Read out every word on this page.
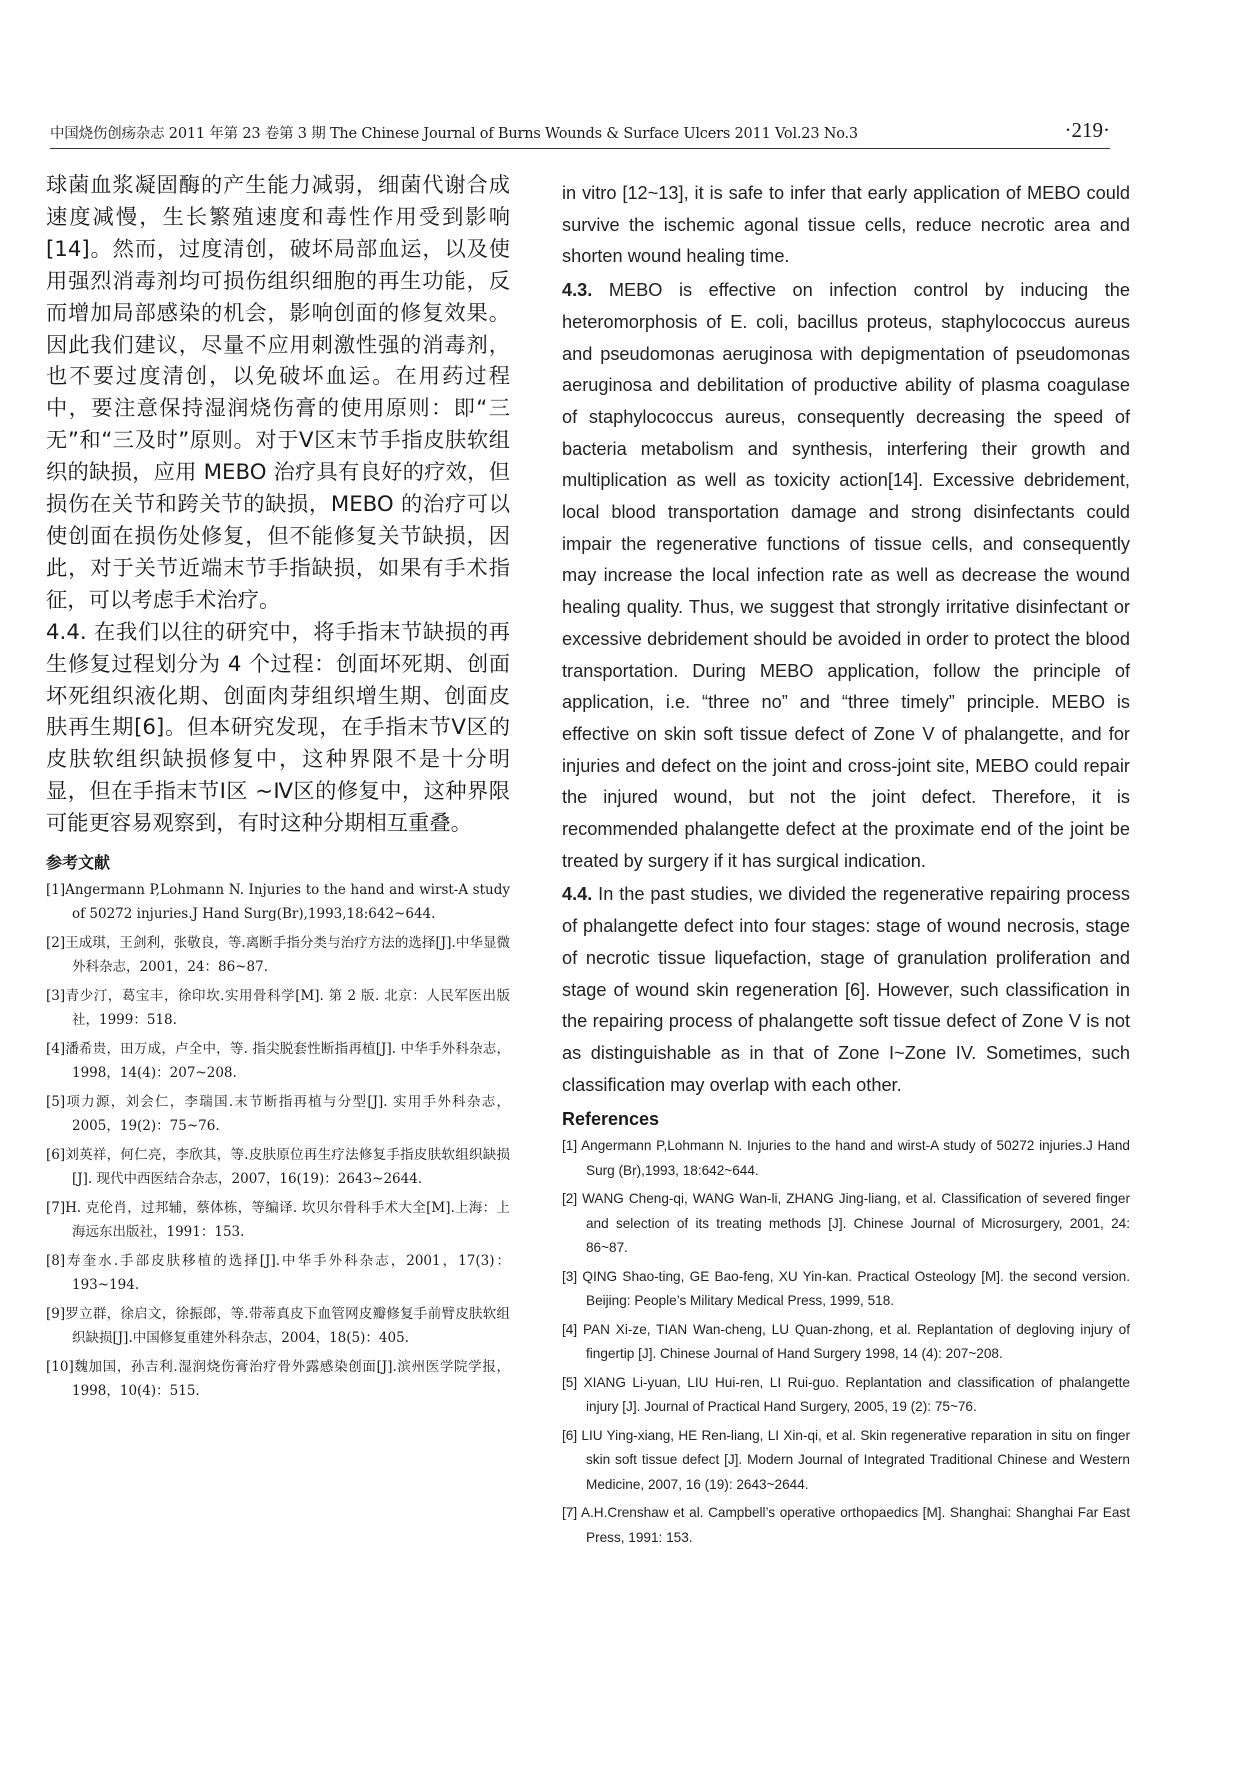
中国烧伤创疡杂志 2011 年第 23 卷第 3 期 The Chinese Journal of Burns Wounds & Surface Ulcers 2011 Vol.23 No.3	·219·

球菌血浆凝固酶的产生能力减弱，细菌代谢合成速度减慢，生长繁殖速度和毒性作用受到影响[14]。然而，过度清创，破坏局部血运，以及使用强烈消毒剂均可损伤组织细胞的再生功能，反而增加局部感染的机会，影响创面的修复效果。因此我们建议，尽量不应用刺激性强的消毒剂，也不要过度清创，以免破坏血运。在用药过程中，要注意保持湿润烧伤膏的使用原则：即“三无”和“三及时”原则。对于Ⅴ区末节手指皮肤软组织的缺损，应用 MEBO 治疗具有良好的疗效，但损伤在关节和跨关节的缺损，MEBO 的治疗可以使创面在损伤处修复，但不能修复关节缺损，因此，对于关节近端末节手指缺损，如果有手术指征，可以考虑手术治疗。

4.4. 在我们以往的研究中，将手指末节缺损的再生修复过程划分为 4 个过程：创面坏死期、创面坏死组织液化期、创面肉芽组织增生期、创面皮肤再生期[6]。但本研究发现，在手指末节Ⅴ区的皮肤软组织缺损修复中，这种界限不是十分明显，但在手指末节Ⅰ区 ~Ⅳ区的修复中，这种界限可能更容易观察到，有时这种分期相互重叠。

参考文献
[1]Angermann P,Lohmann N. Injuries to the hand and wirst-A study of 50272 injuries.J Hand Surg(Br),1993,18:642~644.
[2]王成琪，王剑利，张敬良，等.离断手指分类与治疗方法的选择[J].中华显微外科杂志，2001，24：86~87.
[3]青少汀，葛宝丰，徐印坎.实用骨科学[M]. 第 2 版. 北京：人民军医出版社，1999：518.
[4]潘希贵，田万成，卢全中，等. 指尖脱套性断指再植[J]. 中华手外科杂志，1998，14(4)：207~208.
[5]项力源，刘会仁，李瑞国.末节断指再植与分型[J]. 实用手外科杂志，2005，19(2)：75~76.
[6]刘英祥，何仁亮，李欣其，等.皮肤原位再生疗法修复手指皮肤软组织缺损 [J]. 现代中西医结合杂志，2007，16(19)：2643~2644.
[7]H. 克伦肖，过邦辅，蔡体栋，等编译. 坎贝尔骨科手术大全[M].上海：上海远东出版社，1991：153.
[8]寿奎水.手部皮肤移植的选择[J].中华手外科杂志，2001，17(3)：193~194.
[9]罗立群，徐启文，徐振郎，等.带蒂真皮下血管网皮瓣修复手前臂皮肤软组织缺损[J].中国修复重建外科杂志，2004，18(5)：405.
[10]魏加国，孙吉利.湿润烧伤膏治疗骨外露感染创面[J].滨州医学院学报，1998，10(4)：515.

in vitro [12~13], it is safe to infer that early application of MEBO could survive the ischemic agonal tissue cells, reduce necrotic area and shorten wound healing time.

4.3. MEBO is effective on infection control by inducing the heteromorphosis of E. coli, bacillus proteus, staphylococcus aureus and pseudomonas aeruginosa with depigmentation of pseudomonas aeruginosa and debilitation of productive ability of plasma coagulase of staphylococcus aureus, consequently decreasing the speed of bacteria metabolism and synthesis, interfering their growth and multiplication as well as toxicity action[14]. Excessive debridement, local blood transportation damage and strong disinfectants could impair the regenerative functions of tissue cells, and consequently may increase the local infection rate as well as decrease the wound healing quality. Thus, we suggest that strongly irritative disinfectant or excessive debridement should be avoided in order to protect the blood transportation. During MEBO application, follow the principle of application, i.e. “three no” and “three timely” principle. MEBO is effective on skin soft tissue defect of Zone V of phalangette, and for injuries and defect on the joint and cross-joint site, MEBO could repair the injured wound, but not the joint defect. Therefore, it is recommended phalangette defect at the proximate end of the joint be treated by surgery if it has surgical indication.

4.4. In the past studies, we divided the regenerative repairing process of phalangette defect into four stages: stage of wound necrosis, stage of necrotic tissue liquefaction, stage of granulation proliferation and stage of wound skin regeneration [6]. However, such classification in the repairing process of phalangette soft tissue defect of Zone V is not as distinguishable as in that of Zone I~Zone IV. Sometimes, such classification may overlap with each other.

References
[1] Angermann P,Lohmann N. Injuries to the hand and wirst-A study of 50272 injuries.J Hand Surg (Br),1993, 18:642~644.
[2] WANG Cheng-qi, WANG Wan-li, ZHANG Jing-liang, et al. Classification of severed finger and selection of its treating methods [J]. Chinese Journal of Microsurgery, 2001, 24: 86~87.
[3] QING Shao-ting, GE Bao-feng, XU Yin-kan. Practical Osteology [M]. the second version. Beijing: People’s Military Medical Press, 1999, 518.
[4] PAN Xi-ze, TIAN Wan-cheng, LU Quan-zhong, et al. Replantation of degloving injury of fingertip [J]. Chinese Journal of Hand Surgery 1998, 14 (4): 207~208.
[5] XIANG Li-yuan, LIU Hui-ren, LI Rui-guo. Replantation and classification of phalangette injury [J]. Journal of Practical Hand Surgery, 2005, 19 (2): 75~76.
[6] LIU Ying-xiang, HE Ren-liang, LI Xin-qi, et al. Skin regenerative reparation in situ on finger skin soft tissue defect [J]. Modern Journal of Integrated Traditional Chinese and Western Medicine, 2007, 16 (19): 2643~2644.
[7] A.H.Crenshaw et al. Campbell’s operative orthopaedics [M]. Shanghai: Shanghai Far East Press, 1991: 153.
